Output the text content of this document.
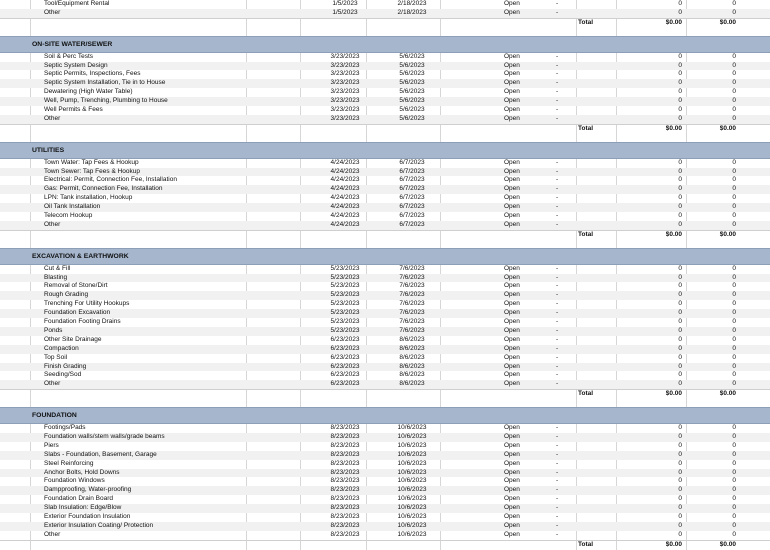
Tool/Equipment Rental	1/5/2023	2/18/2023	Open	-	0	0
Other	1/5/2023	2/18/2023	Open	-	0	0
Total	$0.00	$0.00
ON-SITE WATER/SEWER
Soil & Perc Tests	3/23/2023	5/6/2023	Open	-	0	0
Septic System Design	3/23/2023	5/6/2023	Open	-	0	0
Septic Permits, Inspections, Fees	3/23/2023	5/6/2023	Open	-	0	0
Septic System Installation, Tie in to House	3/23/2023	5/6/2023	Open	-	0	0
Dewatering (High Water Table)	3/23/2023	5/6/2023	Open	-	0	0
Well, Pump, Trenching, Plumbing to House	3/23/2023	5/6/2023	Open	-	0	0
Well Permits & Fees	3/23/2023	5/6/2023	Open	-	0	0
Other	3/23/2023	5/6/2023	Open	-	0	0
Total	$0.00	$0.00
UTILITIES
Town Water: Tap Fees & Hookup	4/24/2023	6/7/2023	Open	-	0	0
Town Sewer: Tap Fees & Hookup	4/24/2023	6/7/2023	Open	-	0	0
Electrical: Permit, Connection Fee, Installation	4/24/2023	6/7/2023	Open	-	0	0
Gas: Permit, Connection Fee, Installation	4/24/2023	6/7/2023	Open	-	0	0
LPN: Tank installation, Hookup	4/24/2023	6/7/2023	Open	-	0	0
Oil Tank Installation	4/24/2023	6/7/2023	Open	-	0	0
Telecom Hookup	4/24/2023	6/7/2023	Open	-	0	0
Other	4/24/2023	6/7/2023	Open	-	0	0
Total	$0.00	$0.00
EXCAVATION & EARTHWORK
Cut & Fill	5/23/2023	7/6/2023	Open	-	0	0
Blasting	5/23/2023	7/6/2023	Open	-	0	0
Removal of Stone/Dirt	5/23/2023	7/6/2023	Open	-	0	0
Rough Grading	5/23/2023	7/6/2023	Open	-	0	0
Trenching For Utility Hookups	5/23/2023	7/6/2023	Open	-	0	0
Foundation Excavation	5/23/2023	7/6/2023	Open	-	0	0
Foundation Footing Drains	5/23/2023	7/6/2023	Open	-	0	0
Ponds	5/23/2023	7/6/2023	Open	-	0	0
Other Site Drainage	6/23/2023	8/6/2023	Open	-	0	0
Compaction	6/23/2023	8/6/2023	Open	-	0	0
Top Soil	6/23/2023	8/6/2023	Open	-	0	0
Finish Grading	6/23/2023	8/6/2023	Open	-	0	0
Seeding/Sod	6/23/2023	8/6/2023	Open	-	0	0
Other	6/23/2023	8/6/2023	Open	-	0	0
Total	$0.00	$0.00
FOUNDATION
Footings/Pads	8/23/2023	10/6/2023	Open	-	0	0
Foundation walls/stem walls/grade beams	8/23/2023	10/6/2023	Open	-	0	0
Piers	8/23/2023	10/6/2023	Open	-	0	0
Slabs - Foundation, Basement, Garage	8/23/2023	10/6/2023	Open	-	0	0
Steel Reinforcing	8/23/2023	10/6/2023	Open	-	0	0
Anchor Bolts, Hold Downs	8/23/2023	10/6/2023	Open	-	0	0
Foundation Windows	8/23/2023	10/6/2023	Open	-	0	0
Dampproofing, Water-proofing	8/23/2023	10/6/2023	Open	-	0	0
Foundation Drain Board	8/23/2023	10/6/2023	Open	-	0	0
Slab Insulation: Edge/Blow	8/23/2023	10/6/2023	Open	-	0	0
Exterior Foundation Insulation	8/23/2023	10/6/2023	Open	-	0	0
Exterior Insulation Coating/ Protection	8/23/2023	10/6/2023	Open	-	0	0
Other	8/23/2023	10/6/2023	Open	-	0	0
Total	$0.00	$0.00
